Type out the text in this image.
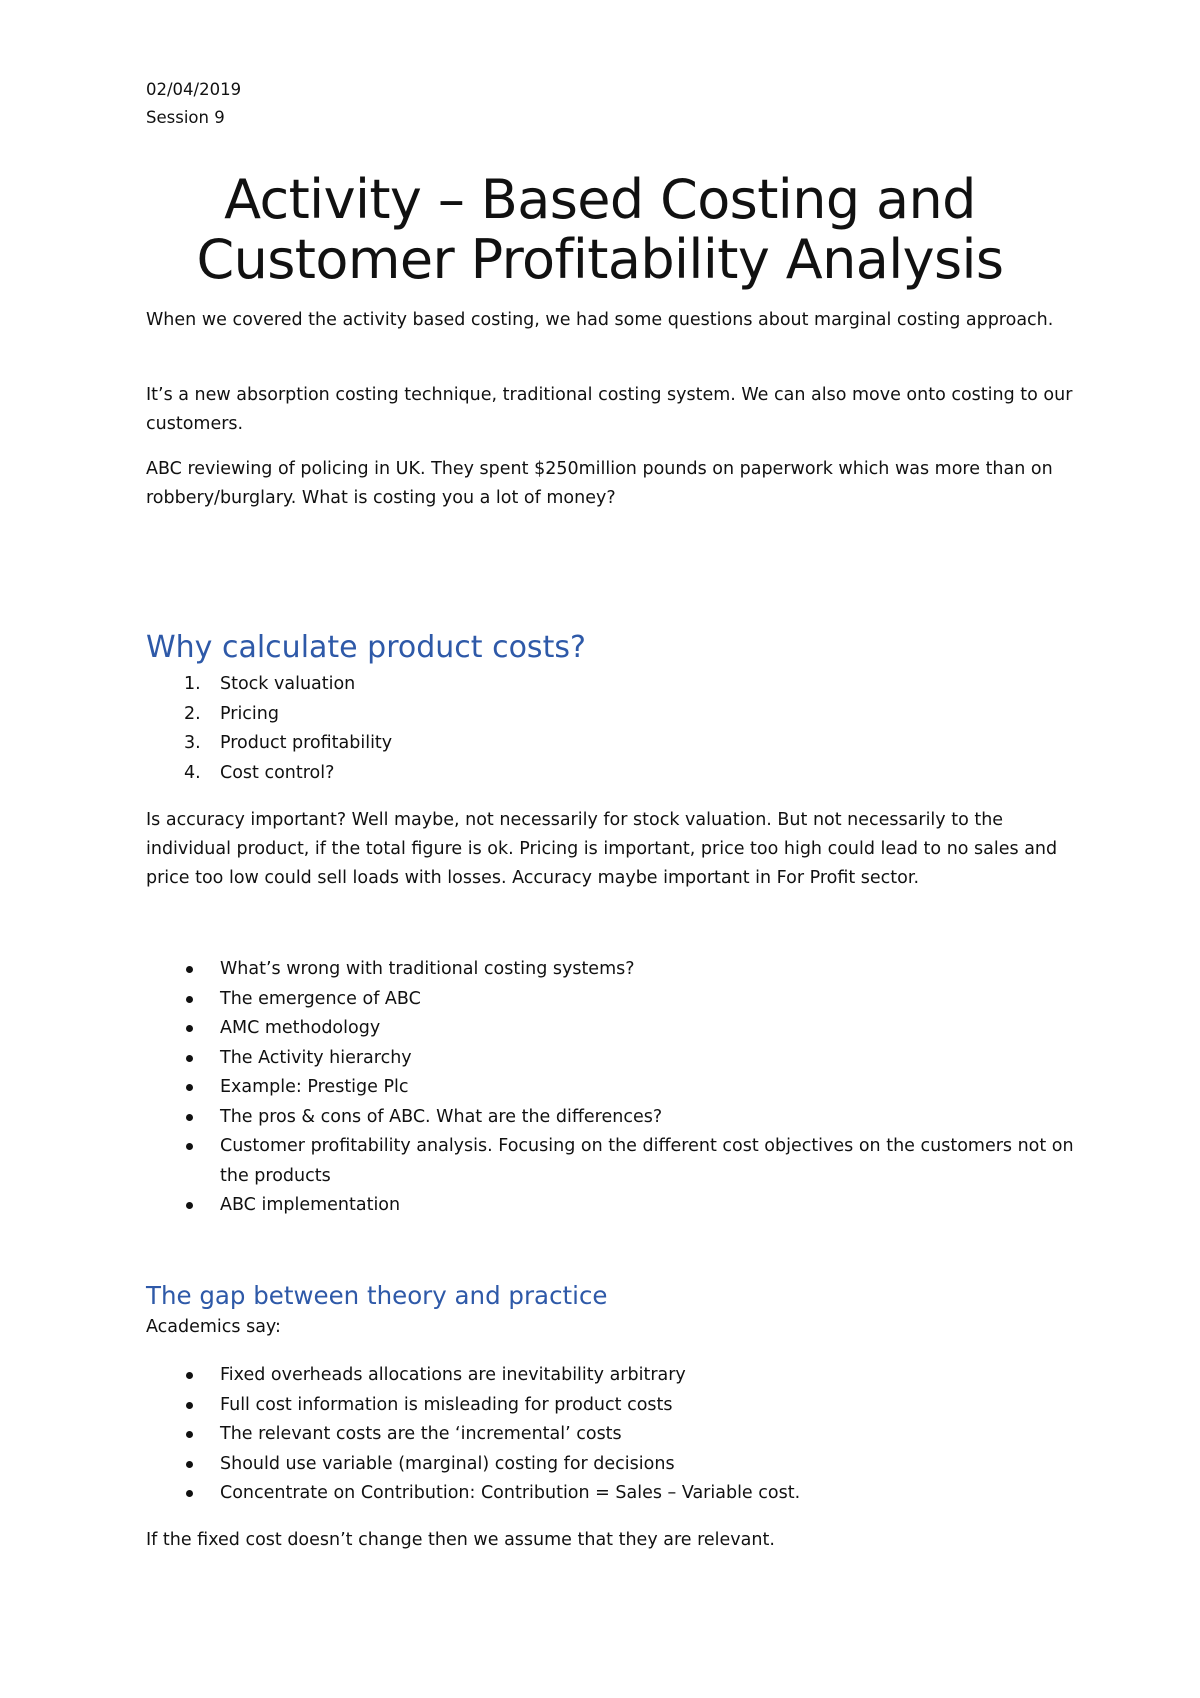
02/04/2019
Session 9
Activity – Based Costing and
Customer Profitability Analysis

When we covered the activity based costing, we had some questions about marginal costing approach.

It’s a new absorption costing technique, traditional costing system. We can also move onto costing to our customers.

ABC reviewing of policing in UK. They spent $250million pounds on paperwork which was more than on robbery/burglary. What is costing you a lot of money?

Why calculate product costs?
1. Stock valuation
2. Pricing
3. Product profitability
4. Cost control?

Is accuracy important? Well maybe, not necessarily for stock valuation. But not necessarily to the individual product, if the total figure is ok. Pricing is important, price too high could lead to no sales and price too low could sell loads with losses. Accuracy maybe important in For Profit sector.

What’s wrong with traditional costing systems?
The emergence of ABC
AMC methodology
The Activity hierarchy
Example: Prestige Plc
The pros & cons of ABC. What are the differences?
Customer profitability analysis. Focusing on the different cost objectives on the customers not on the products
ABC implementation
The gap between theory and practice

Academics say:

Fixed overheads allocations are inevitability arbitrary
Full cost information is misleading for product costs
The relevant costs are the ‘incremental’ costs
Should use variable (marginal) costing for decisions
Concentrate on Contribution: Contribution = Sales – Variable cost.

If the fixed cost doesn’t change then we assume that they are relevant.
